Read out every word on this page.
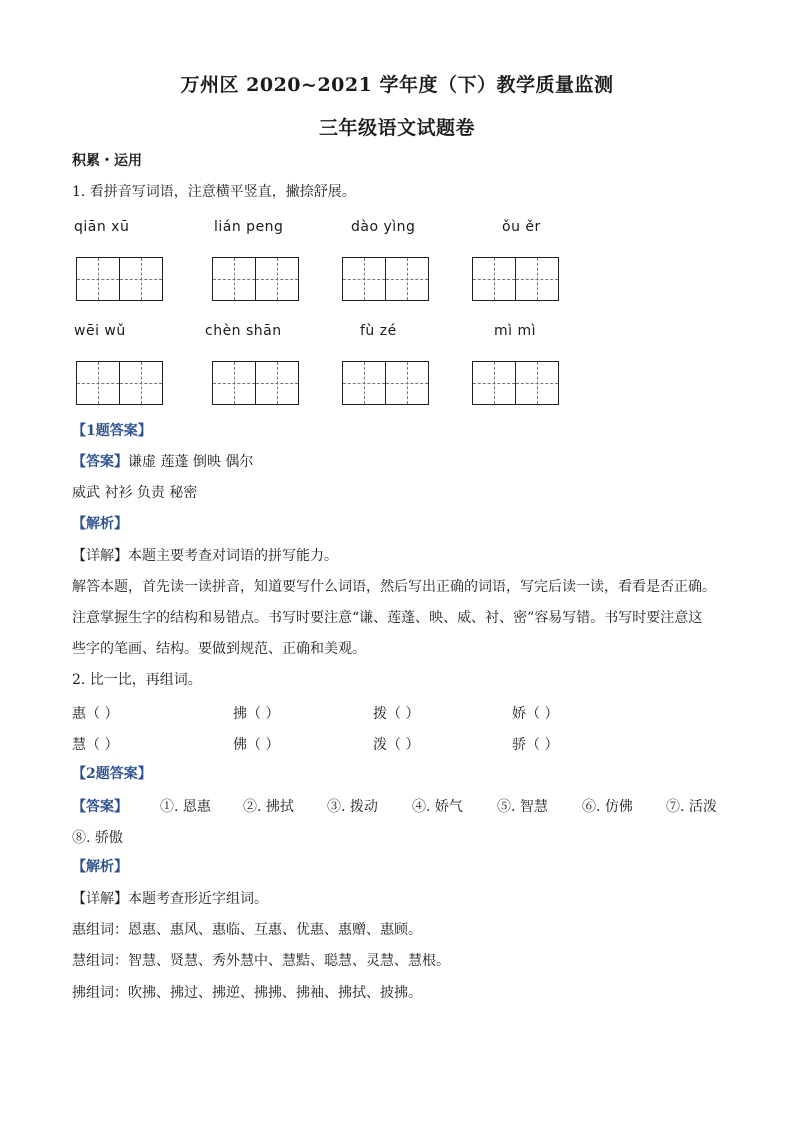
万州区 2020~2021 学年度（下）教学质量监测
三年级语文试题卷
积累・运用
1. 看拼音写词语，注意横平竖直，撇捺舒展。
qiān xū	lián peng	dào yìng	ǒu ěr
wēi wǔ	chèn shān	fù zé	mì mì
【1题答案】
【答案】谦虚 莲蓬 倒映 偶尔
威武 衬衫 负责 秘密
【解析】
【详解】本题主要考查对词语的拼写能力。
解答本题，首先读一读拼音，知道要写什么词语，然后写出正确的词语，写完后读一读，看看是否正确。
注意掌握生字的结构和易错点。书写时要注意“谦、莲蓬、映、威、衬、密”容易写错。书写时要注意这
些字的笔画、结构。要做到规范、正确和美观。
2. 比一比，再组词。
惠（ ）	拂（ ）	拨（ ）	娇（ ）
慧（ ）	佛（ ）	泼（ ）	骄（ ）
【2题答案】
【答案】 ①. 恩惠 ②. 拂拭 ③. 拨动 ④. 娇气 ⑤. 智慧 ⑥. 仿佛 ⑦. 活泼
⑧. 骄傲
【解析】
【详解】本题考查形近字组词。
惠组词：恩惠、惠风、惠临、互惠、优惠、惠赠、惠顾。
慧组词：智慧、贤慧、秀外慧中、慧黠、聪慧、灵慧、慧根。
拂组词：吹拂、拂过、拂逆、拂拂、拂袖、拂拭、披拂。
